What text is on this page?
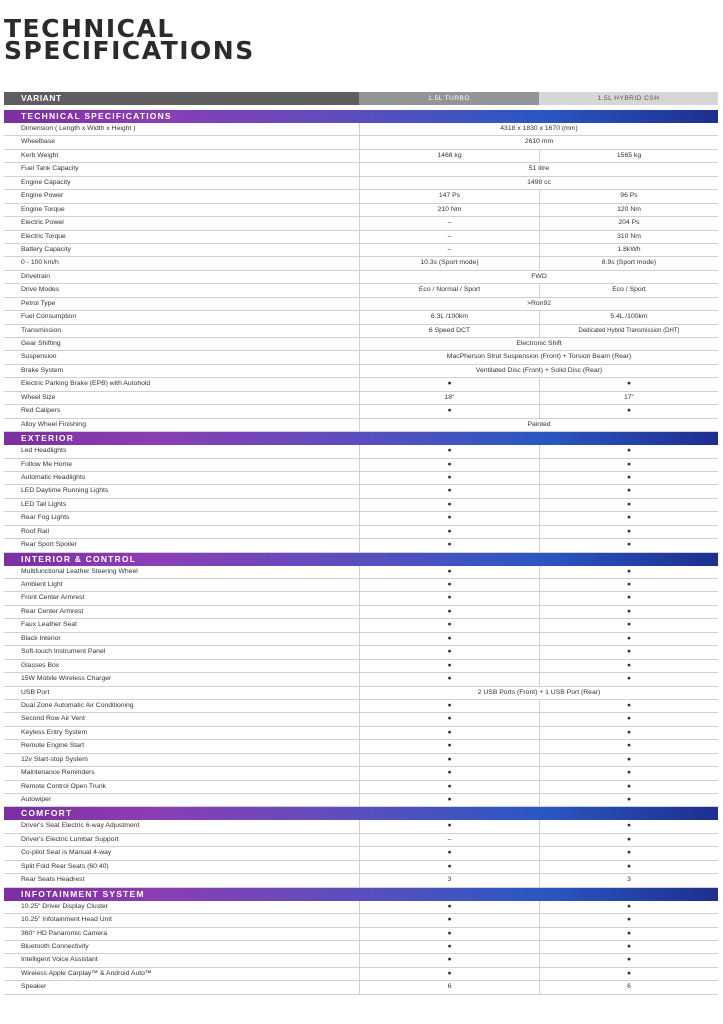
TECHNICAL
SPECIFICATIONS
VARIANT	1.5L TURBO	1.5L HYBRID CSH
TECHNICAL SPECIFICATIONS
Dimension ( Length x Width x Height )	4318 x 1830 x 1670 (mm)
Wheelbase	2610 mm
Kerb Weight	1468 kg	1565 kg
Fuel Tank Capacity	51 litre
Engine Capacity	1498 cc
Engine Power	147 Ps	96 Ps
Engine Torque	210 Nm	120 Nm
Electric Power	–	204 Ps
Electric Torque	–	310 Nm
Battery Capacity	–	1.8kWh
0 - 100 km/h	10.3s (Sport mode)	8.9s (Sport mode)
Drivetrain	FWD
Drive Modes	Eco / Normal / Sport	Eco / Sport
Petrol Type	>Ron92
Fuel Consumption	6.3L /100km	5.4L /100km
Transmission	6 Speed DCT	Dedicated Hybrid Transmission (DHT)
Gear Shifting	Electronic Shift
Suspension	MacPherson Strut Suspension (Front) + Torsion Beam (Rear)
Brake System	Ventilated Disc (Front) + Solid Disc (Rear)
Electric Parking Brake (EPB) with Autohold	●	●
Wheel Size	18"	17"
Red Calipers	●	●
Alloy Wheel Finishing	Painted
EXTERIOR
Led Headlights	●	●
Follow Me Home	●	●
Automatic Headlights	●	●
LED Daytime Running Lights	●	●
LED Tail Lights	●	●
Rear Fog Lights	●	●
Roof Rail	●	●
Rear Sport Spoiler	●	●
INTERIOR & CONTROL
Multifunctional Leather Steering Wheel	●	●
Ambient Light	●	●
Front Center Armrest	●	●
Rear Center Armrest	●	●
Faux Leather Seat	●	●
Black Interior	●	●
Soft-touch Instrument Panel	●	●
Glasses Box	●	●
15W Mobile Wireless Charger	●	●
USB Port	2 USB Ports (Front) + 1 USB Port (Rear)
Dual Zone Automatic Air Conditioning	●	●
Second Row Air Vent	●	●
Keyless Entry System	●	●
Remote Engine Start	●	●
12v Start-stop System	●	●
Maintenance Reminders	●	●
Remote Control Open Trunk	●	●
Autowiper	●	●
COMFORT
Driver's Seat Electric 6-way Adjustment	●	●
Driver's Electric Lumbar Support	–	●
Co-pilot Seat is Manual 4-way	●	●
Split Fold Rear Seats (60:40)	●	●
Rear Seats Headrest	3	3
INFOTAINMENT SYSTEM
10.25" Driver Display Cluster	●	●
10.25" Infotainment Head Unit	●	●
360° HD Panaromic Camera	●	●
Bluetooth Connectivity	●	●
Intelligent Voice Assistant	●	●
Wireless Apple Carplay™ & Android Auto™	●	●
Speaker	6	6
